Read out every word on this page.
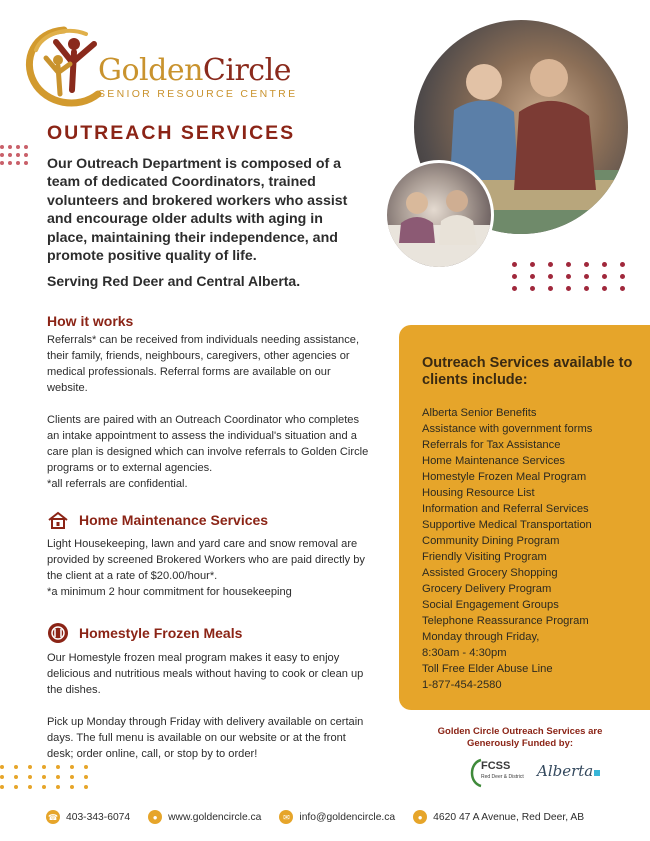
GoldenCircle
SENIOR RESOURCE CENTRE
OUTREACH SERVICES
Our Outreach Department is composed of a team of dedicated Coordinators, trained volunteers and brokered workers who assist and encourage older adults with aging in place, maintaining their independence, and promote positive quality of life.
Serving Red Deer and Central Alberta.
How it works

Referrals* can be received from individuals needing assistance, their family, friends, neighbours, caregivers, other agencies or medical professionals. Referral forms are available on our website.

Clients are paired with an Outreach Coordinator who completes an intake appointment to assess the individual's situation and a care plan is designed which can involve referrals to Golden Circle programs or to external agencies.
*all referrals are confidential.

Home Maintenance Services

Light Housekeeping, lawn and yard care and snow removal are provided by screened Brokered Workers who are paid directly by the client at a rate of $20.00/hour*.
*a minimum 2 hour commitment for housekeeping

Homestyle Frozen Meals

Our Homestyle frozen meal program makes it easy to enjoy delicious and nutritious meals without having to cook or clean up the dishes.

Pick up Monday through Friday with delivery available on certain days. The full menu is available on our website or at the front desk; order online, call, or stop by to order!

Outreach Services available to clients include:
Alberta Senior Benefits
Assistance with government forms
Referrals for Tax Assistance
Home Maintenance Services
Homestyle Frozen Meal Program
Housing Resource List
Information and Referral Services
Supportive Medical Transportation
Community Dining Program
Friendly Visiting Program
Assisted Grocery Shopping
Grocery Delivery Program
Social Engagement Groups
Telephone Reassurance Program
Monday through Friday,
8:30am - 4:30pm
Toll Free Elder Abuse Line
1-877-454-2580
Golden Circle Outreach Services are Generously Funded by:
FCSS
Red Deer & District Alberta
☎ 403-343-6074	●	www.goldencircle.ca	✉ info@goldencircle.ca	●	4620 47 A Avenue, Red Deer, AB
